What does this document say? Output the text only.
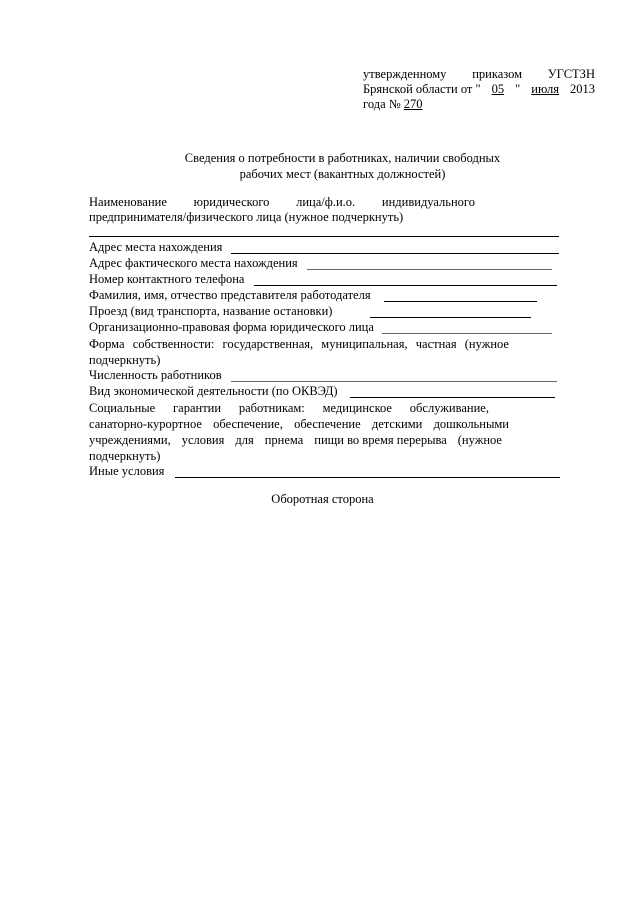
утвержденному приказом УГСТЗН
Брянской области от " 05 " июля 2013
года № 270
Сведения о потребности в работниках, наличии свободных
рабочих мест (вакантных должностей)
Наименование юридического лица/ф.и.о. индивидуального
предпринимателя/физического лица (нужное подчеркнуть)
Адрес места нахождения
Адрес фактического места нахождения
Номер контактного телефона
Фамилия, имя, отчество представителя работодателя
Проезд (вид транспорта, название остановки)
Организационно-правовая форма юридического лица
Форма собственности: государственная, муниципальная, частная (нужное
подчеркнуть)
Численность работников
Вид экономической деятельности (по ОКВЭД)
Социальные гарантии работникам: медицинское обслуживание,
санаторно-курортное обеспечение, обеспечение детскими дошкольными
учреждениями, условия для прнема пищи во время перерыва (нужное
подчеркнуть)
Иные условия
Оборотная сторона
